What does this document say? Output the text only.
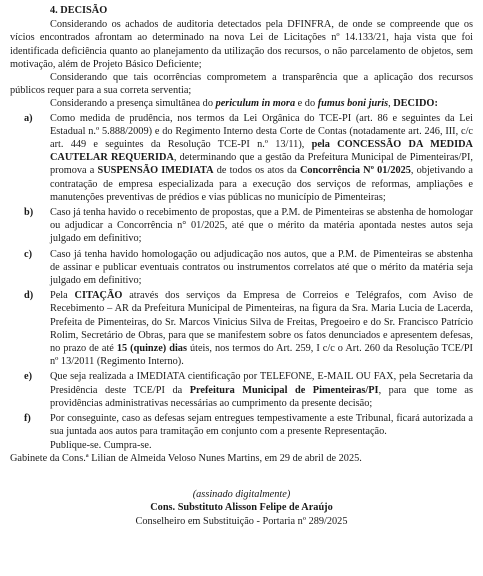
4. DECISÃO

Considerando os achados de auditoria detectados pela DFINFRA, de onde se compreende que os vícios encontrados afrontam ao determinado na nova Lei de Licitações nº 14.133/21, haja vista que foi identificada deficiência quanto ao planejamento da utilização dos recursos, o não parcelamento de objetos, sem motivação, além de Projeto Básico Deficiente;

Considerando que tais ocorrências comprometem a transparência que a aplicação dos recursos públicos requer para a sua correta serventia;

Considerando a presença simultânea do periculum in mora e do fumus boni juris, DECIDO:

a)	Como medida de prudência, nos termos da Lei Orgânica do TCE-PI (art. 86 e seguintes da Lei Estadual n.º 5.888/2009) e do Regimento Interno desta Corte de Contas (notadamente art. 246, III, c/c art. 449 e seguintes da Resolução TCE-PI n.º 13/11), pela CONCESSÃO DA MEDIDA CAUTELAR REQUERIDA, determinando que a gestão da Prefeitura Municipal de Pimenteiras/PI, promova a SUSPENSÃO IMEDIATA de todos os atos da Concorrência Nº 01/2025, objetivando a contratação de empresa especializada para a execução dos serviços de reformas, ampliações e manutenções preventivas de prédios e vias públicas no município de Pimenteiras;
b)	Caso já tenha havido o recebimento de propostas, que a P.M. de Pimenteiras se abstenha de homologar ou adjudicar a Concorrência n° 01/2025, até que o mérito da matéria apontada nestes autos seja julgado em definitivo;
c)	Caso já tenha havido homologação ou adjudicação nos autos, que a P.M. de Pimenteiras se abstenha de assinar e publicar eventuais contratos ou instrumentos correlatos até que o mérito da matéria seja julgado em definitivo;
d)	Pela CITAÇÃO através dos serviços da Empresa de Correios e Telégrafos, com Aviso de Recebimento – AR da Prefeitura Municipal de Pimenteiras, na figura da Sra. Maria Lucia de Lacerda, Prefeita de Pimenteiras, do Sr. Marcos Vinicius Silva de Freitas, Pregoeiro e do Sr. Francisco Patrício Rolim, Secretário de Obras, para que se manifestem sobre os fatos denunciados e apresentem defesas, no prazo de até 15 (quinze) dias úteis, nos termos do Art. 259, I c/c o Art. 260 da Resolução TCE/PI nº 13/2011 (Regimento Interno).
e)	Que seja realizada a IMEDIATA cientificação por TELEFONE, E-MAIL OU FAX, pela Secretaria da Presidência deste TCE/PI da Prefeitura Municipal de Pimenteiras/PI, para que tome as providências administrativas necessárias ao cumprimento da presente decisão;
f)	Por conseguinte, caso as defesas sejam entregues tempestivamente a este Tribunal, ficará autorizada a sua juntada aos autos para tramitação em conjunto com a presente Representação.

Publique-se. Cumpra-se.

Gabinete da Cons.ª Lilian de Almeida Veloso Nunes Martins, em 29 de abril de 2025.

(assinado digitalmente)
Cons. Substituto Alisson Felipe de Araújo
Conselheiro em Substituição - Portaria nº 289/2025
